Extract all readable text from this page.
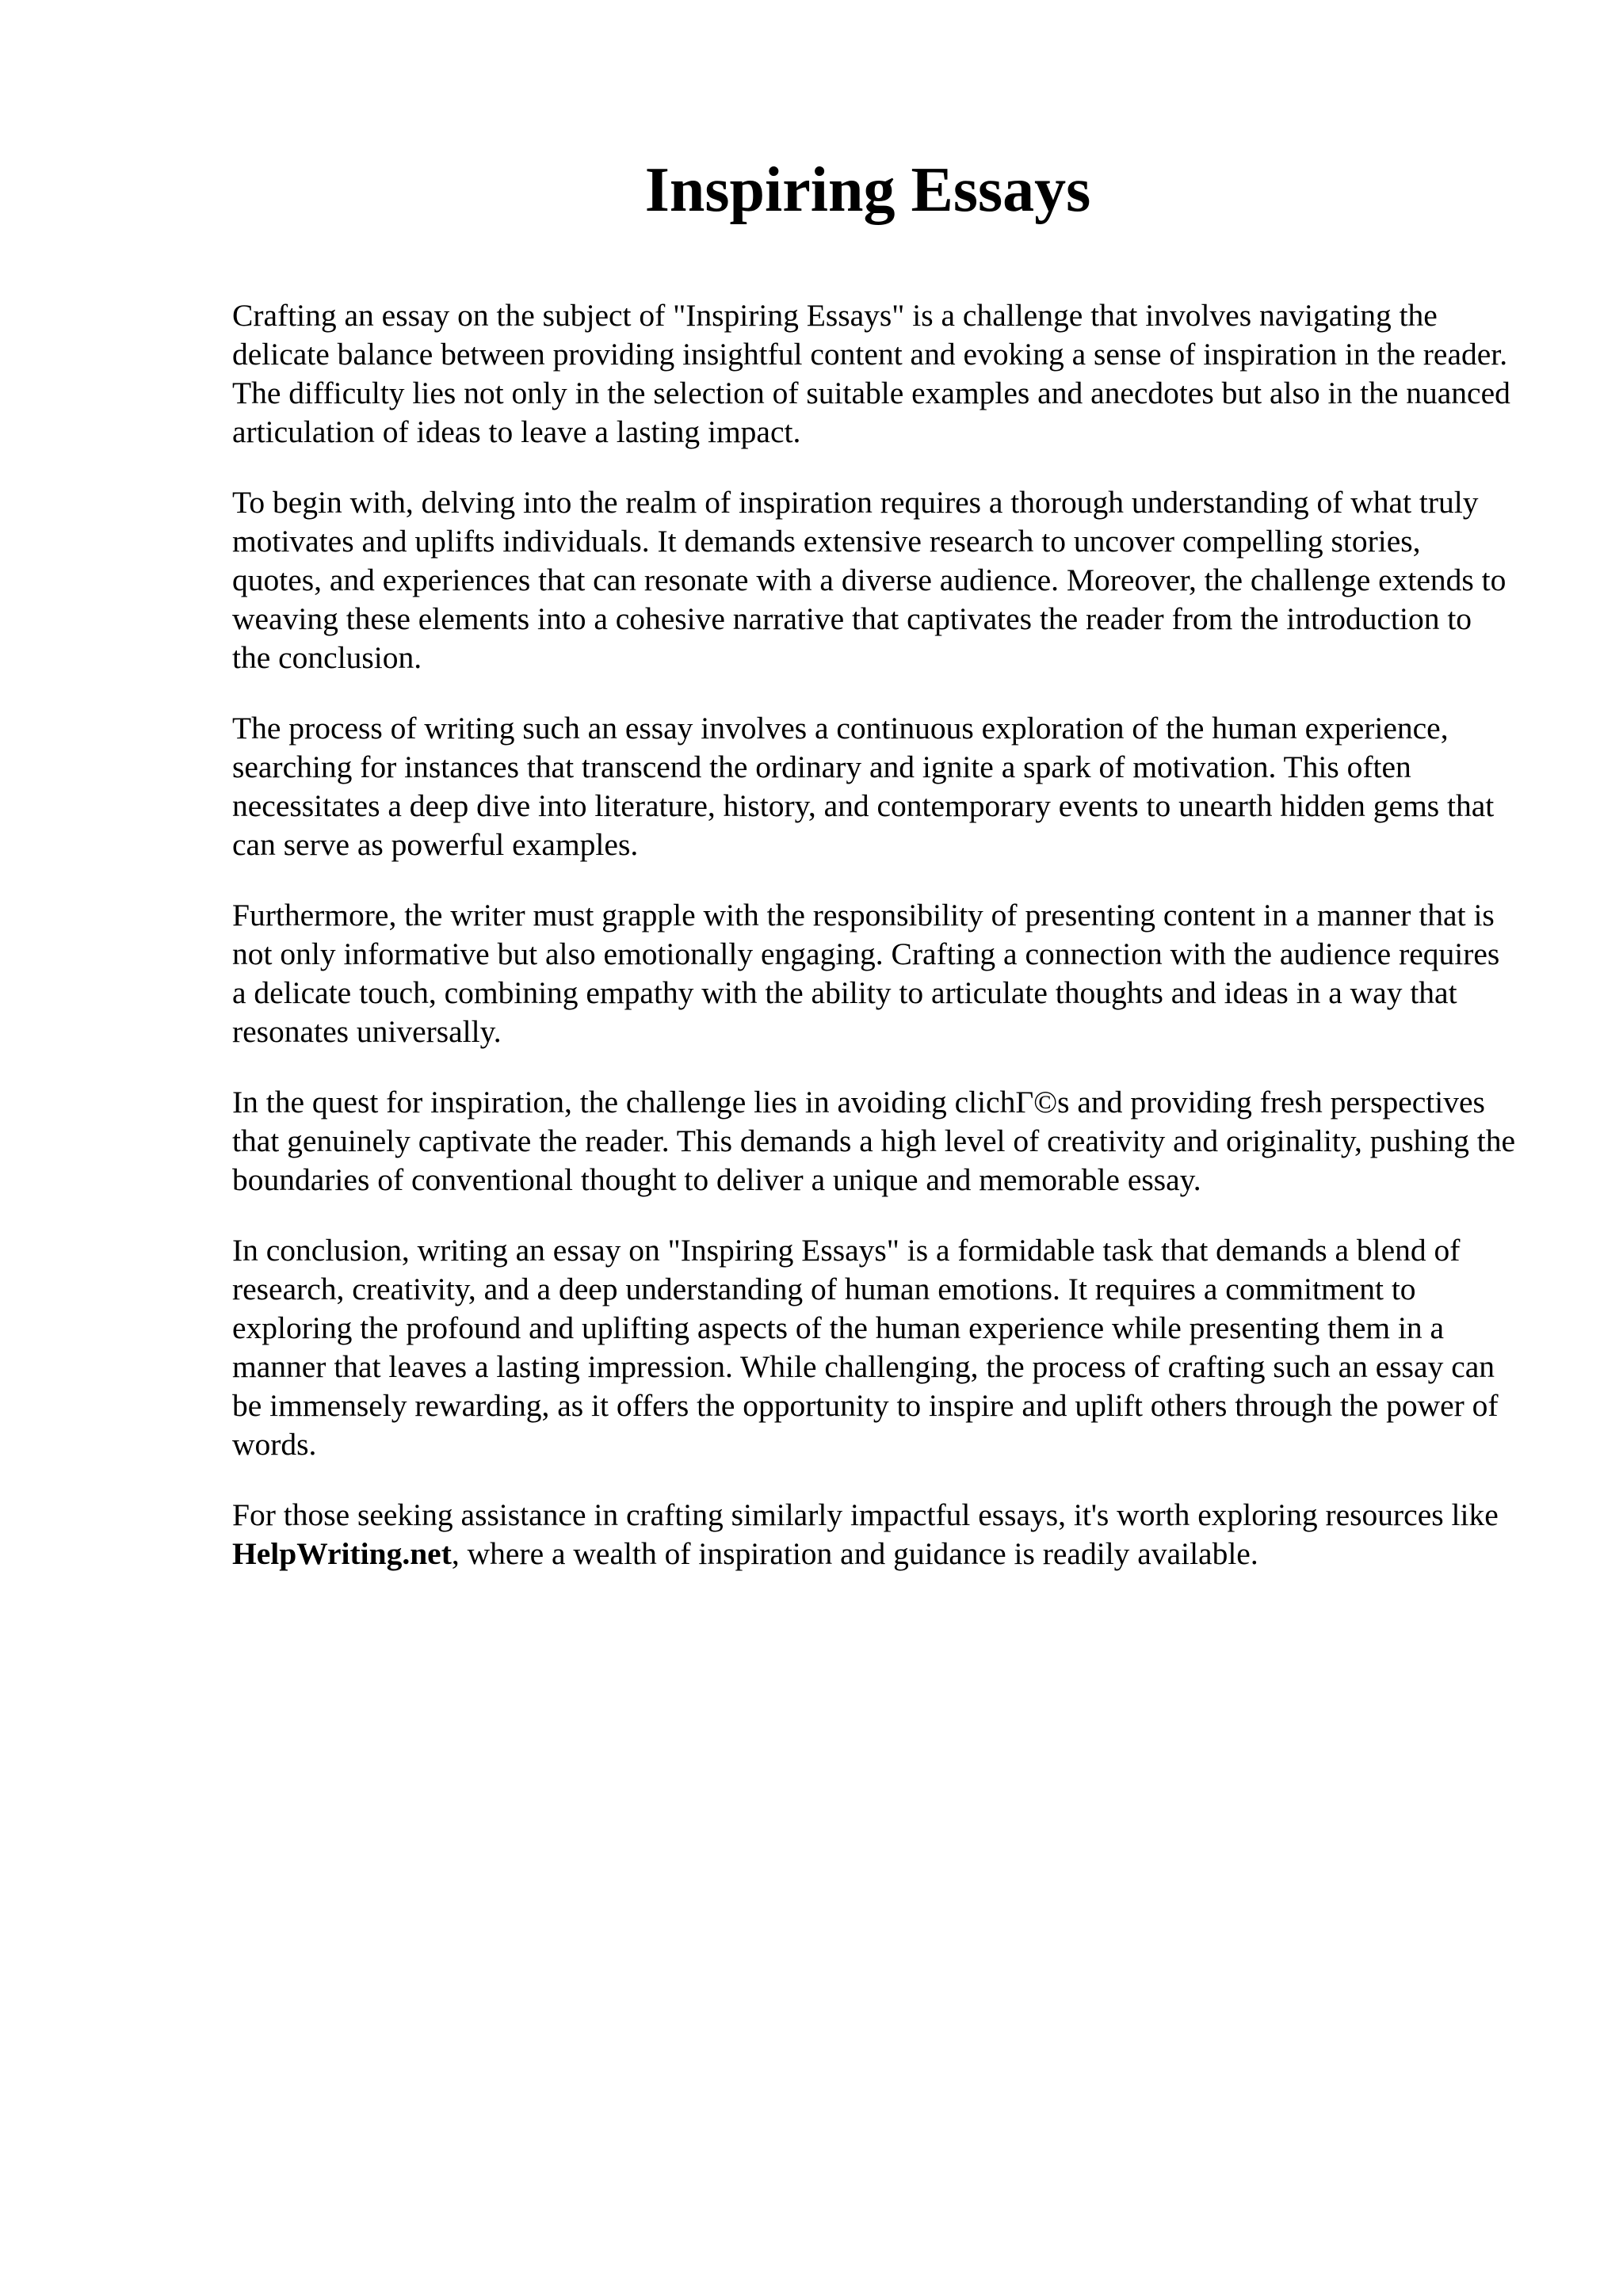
Inspiring Essays

Crafting an essay on the subject of "Inspiring Essays" is a challenge that involves navigating the delicate balance between providing insightful content and evoking a sense of inspiration in the reader. The difficulty lies not only in the selection of suitable examples and anecdotes but also in the nuanced articulation of ideas to leave a lasting impact.

To begin with, delving into the realm of inspiration requires a thorough understanding of what truly motivates and uplifts individuals. It demands extensive research to uncover compelling stories, quotes, and experiences that can resonate with a diverse audience. Moreover, the challenge extends to weaving these elements into a cohesive narrative that captivates the reader from the introduction to the conclusion.

The process of writing such an essay involves a continuous exploration of the human experience, searching for instances that transcend the ordinary and ignite a spark of motivation. This often necessitates a deep dive into literature, history, and contemporary events to unearth hidden gems that can serve as powerful examples.

Furthermore, the writer must grapple with the responsibility of presenting content in a manner that is not only informative but also emotionally engaging. Crafting a connection with the audience requires a delicate touch, combining empathy with the ability to articulate thoughts and ideas in a way that resonates universally.

In the quest for inspiration, the challenge lies in avoiding clichГ©s and providing fresh perspectives that genuinely captivate the reader. This demands a high level of creativity and originality, pushing the boundaries of conventional thought to deliver a unique and memorable essay.

In conclusion, writing an essay on "Inspiring Essays" is a formidable task that demands a blend of research, creativity, and a deep understanding of human emotions. It requires a commitment to exploring the profound and uplifting aspects of the human experience while presenting them in a manner that leaves a lasting impression. While challenging, the process of crafting such an essay can be immensely rewarding, as it offers the opportunity to inspire and uplift others through the power of words.

For those seeking assistance in crafting similarly impactful essays, it's worth exploring resources like HelpWriting.net, where a wealth of inspiration and guidance is readily available.
